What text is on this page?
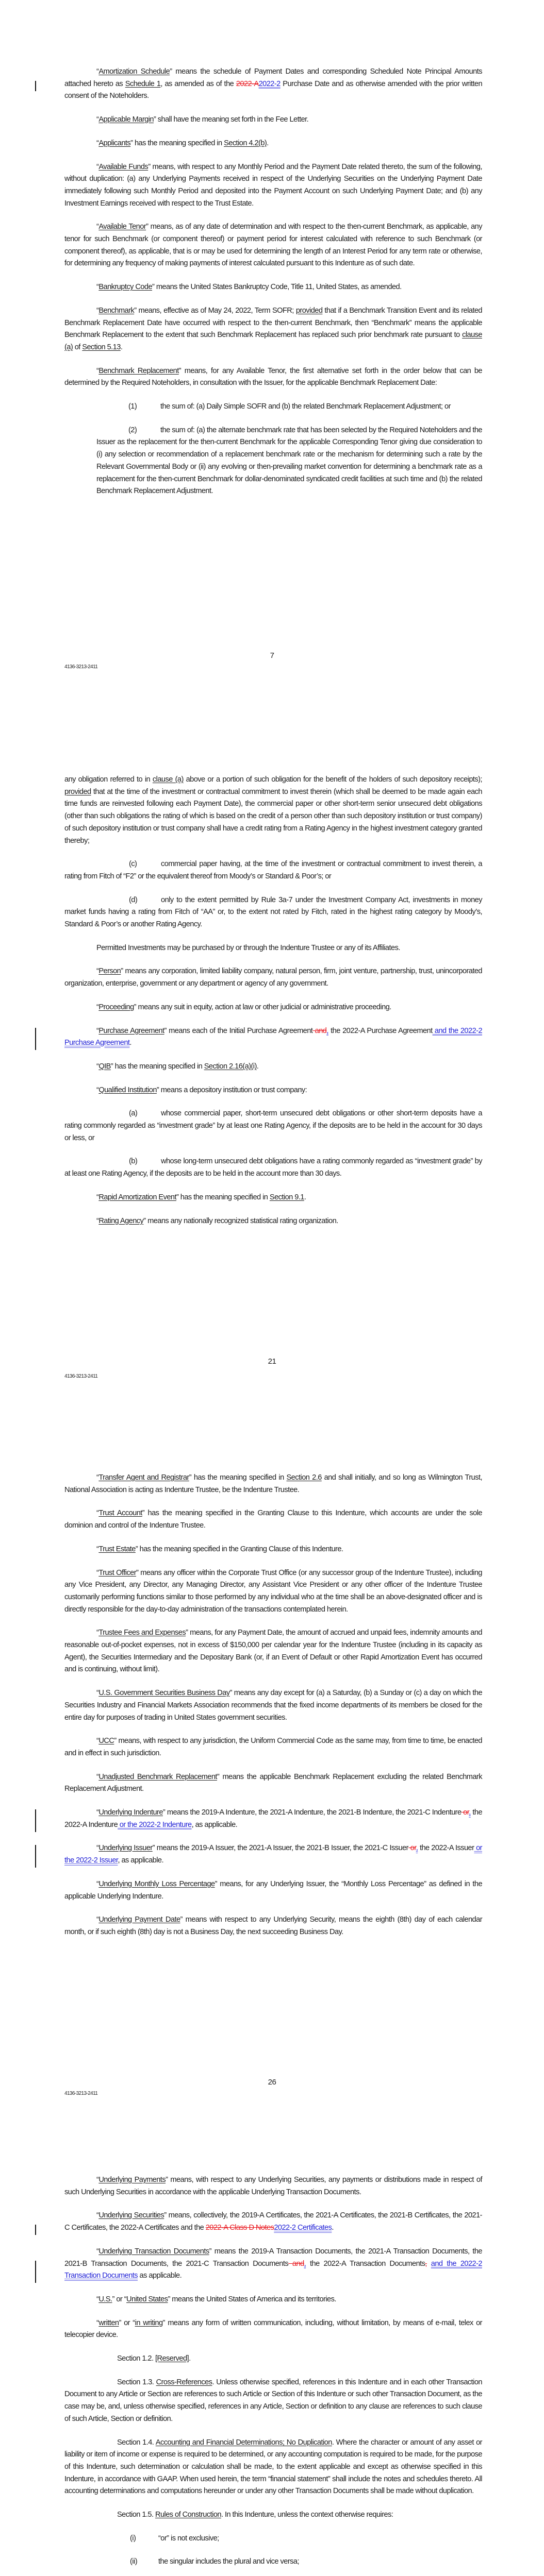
“Amortization Schedule” means the schedule of Payment Dates and corresponding Scheduled Note Principal Amounts attached hereto as Schedule 1, as amended as of the 2022-A2022-2 Purchase Date and as otherwise amended with the prior written consent of the Noteholders.

“Applicable Margin” shall have the meaning set forth in the Fee Letter.

“Applicants” has the meaning specified in Section 4.2(b).

“Available Funds” means, with respect to any Monthly Period and the Payment Date related thereto, the sum of the following, without duplication: (a) any Underlying Payments received in respect of the Underlying Securities on the Underlying Payment Date immediately following such Monthly Period and deposited into the Payment Account on such Underlying Payment Date; and (b) any Investment Earnings received with respect to the Trust Estate.

“Available Tenor” means, as of any date of determination and with respect to the then-current Benchmark, as applicable, any tenor for such Benchmark (or component thereof) or payment period for interest calculated with reference to such Benchmark (or component thereof), as applicable, that is or may be used for determining the length of an Interest Period for any term rate or otherwise, for determining any frequency of making payments of interest calculated pursuant to this Indenture as of such date.

“Bankruptcy Code” means the United States Bankruptcy Code, Title 11, United States, as amended.

“Benchmark” means, effective as of May 24, 2022, Term SOFR; provided that if a Benchmark Transition Event and its related Benchmark Replacement Date have occurred with respect to the then-current Benchmark, then “Benchmark” means the applicable Benchmark Replacement to the extent that such Benchmark Replacement has replaced such prior benchmark rate pursuant to clause (a) of Section 5.13.

“Benchmark Replacement” means, for any Available Tenor, the first alternative set forth in the order below that can be determined by the Required Noteholders, in consultation with the Issuer, for the applicable Benchmark Replacement Date:

(1)	the sum of: (a) Daily Simple SOFR and (b) the related Benchmark Replacement Adjustment; or

(2)	the sum of: (a) the alternate benchmark rate that has been selected by the Required Noteholders and the Issuer as the replacement for the then-current Benchmark for the applicable Corresponding Tenor giving due consideration to (i) any selection or recommendation of a replacement benchmark rate or the mechanism for determining such a rate by the Relevant Governmental Body or (ii) any evolving or then-prevailing market convention for determining a benchmark rate as a replacement for the then-current Benchmark for dollar-denominated syndicated credit facilities at such time and (b) the related Benchmark Replacement Adjustment.

7
4136-3213-2411

any obligation referred to in clause (a) above or a portion of such obligation for the benefit of the holders of such depository receipts); provided that at the time of the investment or contractual commitment to invest therein (which shall be deemed to be made again each time funds are reinvested following each Payment Date), the commercial paper or other short-term senior unsecured debt obligations (other than such obligations the rating of which is based on the credit of a person other than such depository institution or trust company) of such depository institution or trust company shall have a credit rating from a Rating Agency in the highest investment category granted thereby;

(c)	commercial paper having, at the time of the investment or contractual commitment to invest therein, a rating from Fitch of “F2” or the equivalent thereof from Moody’s or Standard & Poor’s; or

(d)	only to the extent permitted by Rule 3a-7 under the Investment Company Act, investments in money market funds having a rating from Fitch of “AA” or, to the extent not rated by Fitch, rated in the highest rating category by Moody’s, Standard & Poor’s or another Rating Agency.

Permitted Investments may be purchased by or through the Indenture Trustee or any of its Affiliates.

“Person” means any corporation, limited liability company, natural person, firm, joint venture, partnership, trust, unincorporated organization, enterprise, government or any department or agency of any government.

“Proceeding” means any suit in equity, action at law or other judicial or administrative proceeding.

“Purchase Agreement” means each of the Initial Purchase Agreement and, the 2022-A Purchase Agreement and the 2022-2 Purchase Agreement.

“QIB” has the meaning specified in Section 2.16(a)(i).

“Qualified Institution” means a depository institution or trust company:

(a)	whose commercial paper, short-term unsecured debt obligations or other short-term deposits have a rating commonly regarded as “investment grade” by at least one Rating Agency, if the deposits are to be held in the account for 30 days or less, or

(b)	whose long-term unsecured debt obligations have a rating commonly regarded as “investment grade” by at least one Rating Agency, if the deposits are to be held in the account more than 30 days.

“Rapid Amortization Event” has the meaning specified in Section 9.1.

“Rating Agency” means any nationally recognized statistical rating organization.

21
4136-3213-2411

“Transfer Agent and Registrar” has the meaning specified in Section 2.6 and shall initially, and so long as Wilmington Trust, National Association is acting as Indenture Trustee, be the Indenture Trustee.

“Trust Account” has the meaning specified in the Granting Clause to this Indenture, which accounts are under the sole dominion and control of the Indenture Trustee.

“Trust Estate” has the meaning specified in the Granting Clause of this Indenture.

“Trust Officer” means any officer within the Corporate Trust Office (or any successor group of the Indenture Trustee), including any Vice President, any Director, any Managing Director, any Assistant Vice President or any other officer of the Indenture Trustee customarily performing functions similar to those performed by any individual who at the time shall be an above-designated officer and is directly responsible for the day-to-day administration of the transactions contemplated herein.

“Trustee Fees and Expenses” means, for any Payment Date, the amount of accrued and unpaid fees, indemnity amounts and reasonable out-of-pocket expenses, not in excess of $150,000 per calendar year for the Indenture Trustee (including in its capacity as Agent), the Securities Intermediary and the Depositary Bank (or, if an Event of Default or other Rapid Amortization Event has occurred and is continuing, without limit).

“U.S. Government Securities Business Day” means any day except for (a) a Saturday, (b) a Sunday or (c) a day on which the Securities Industry and Financial Markets Association recommends that the fixed income departments of its members be closed for the entire day for purposes of trading in United States government securities.

“UCC” means, with respect to any jurisdiction, the Uniform Commercial Code as the same may, from time to time, be enacted and in effect in such jurisdiction.

“Unadjusted Benchmark Replacement” means the applicable Benchmark Replacement excluding the related Benchmark Replacement Adjustment.

“Underlying Indenture” means the 2019-A Indenture, the 2021-A Indenture, the 2021-B Indenture, the 2021-C Indenture or, the 2022-A Indenture or the 2022-2 Indenture, as applicable.

“Underlying Issuer” means the 2019-A Issuer, the 2021-A Issuer, the 2021-B Issuer, the 2021-C Issuer or, the 2022-A Issuer or the 2022-2 Issuer, as applicable.

“Underlying Monthly Loss Percentage” means, for any Underlying Issuer, the “Monthly Loss Percentage” as defined in the applicable Underlying Indenture.

“Underlying Payment Date” means with respect to any Underlying Security, means the eighth (8th) day of each calendar month, or if such eighth (8th) day is not a Business Day, the next succeeding Business Day.

26
4136-3213-2411

“Underlying Payments” means, with respect to any Underlying Securities, any payments or distributions made in respect of such Underlying Securities in accordance with the applicable Underlying Transaction Documents.

“Underlying Securities” means, collectively, the 2019-A Certificates, the 2021-A Certificates, the 2021-B Certificates, the 2021-C Certificates, the 2022-A Certificates and the 2022-A Class D Notes2022-2 Certificates.

“Underlying Transaction Documents” means the 2019-A Transaction Documents, the 2021-A Transaction Documents, the 2021-B Transaction Documents, the 2021-C Transaction Documents and, the 2022-A Transaction Documents, and the 2022-2 Transaction Documents as applicable.

“U.S.” or “United States” means the United States of America and its territories.

“written” or “in writing” means any form of written communication, including, without limitation, by means of e-mail, telex or telecopier device.

Section 1.2. [Reserved].

Section 1.3. Cross-References. Unless otherwise specified, references in this Indenture and in each other Transaction Document to any Article or Section are references to such Article or Section of this Indenture or such other Transaction Document, as the case may be, and, unless otherwise specified, references in any Article, Section or definition to any clause are references to such clause of such Article, Section or definition.

Section 1.4. Accounting and Financial Determinations; No Duplication. Where the character or amount of any asset or liability or item of income or expense is required to be determined, or any accounting computation is required to be made, for the purpose of this Indenture, such determination or calculation shall be made, to the extent applicable and except as otherwise specified in this Indenture, in accordance with GAAP. When used herein, the term “financial statement” shall include the notes and schedules thereto. All accounting determinations and computations hereunder or under any other Transaction Documents shall be made without duplication.

Section 1.5. Rules of Construction. In this Indenture, unless the context otherwise requires:

(i)	“or” is not exclusive;

(ii)	the singular includes the plural and vice versa;
